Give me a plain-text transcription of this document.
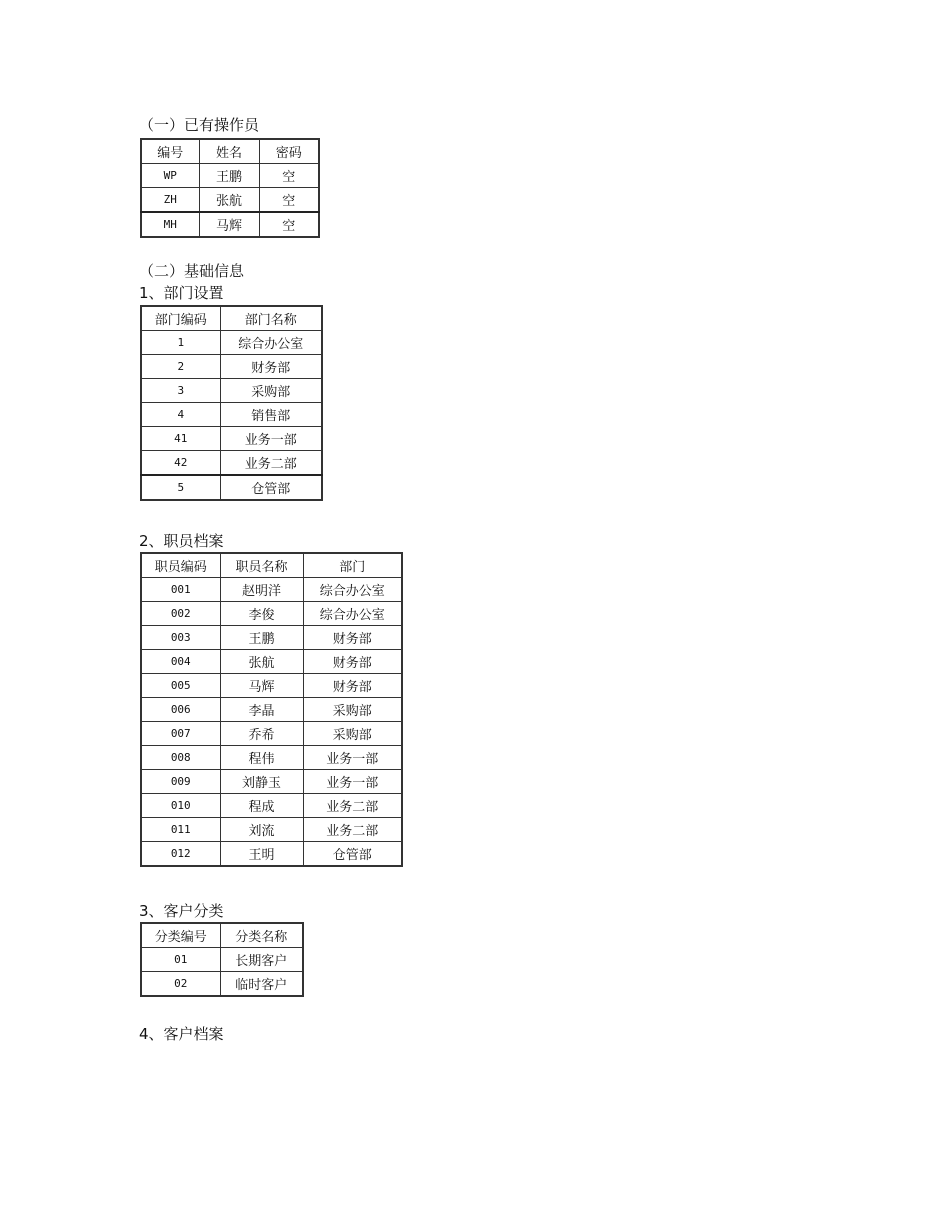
（一）已有操作员
编号	姓名	密码
WP	王鹏	空
ZH	张航	空
MH	马辉	空
（二）基础信息
1、部门设置
部门编码	部门名称
1	综合办公室
2	财务部
3	采购部
4	销售部
41	业务一部
42	业务二部
5	仓管部
2、职员档案
职员编码	职员名称	部门
001	赵明洋	综合办公室
002	李俊	综合办公室
003	王鹏	财务部
004	张航	财务部
005	马辉	财务部
006	李晶	采购部
007	乔希	采购部
008	程伟	业务一部
009	刘静玉	业务一部
010	程成	业务二部
011	刘流	业务二部
012	王明	仓管部
3、客户分类
分类编号	分类名称
01	长期客户
02	临时客户
4、客户档案
